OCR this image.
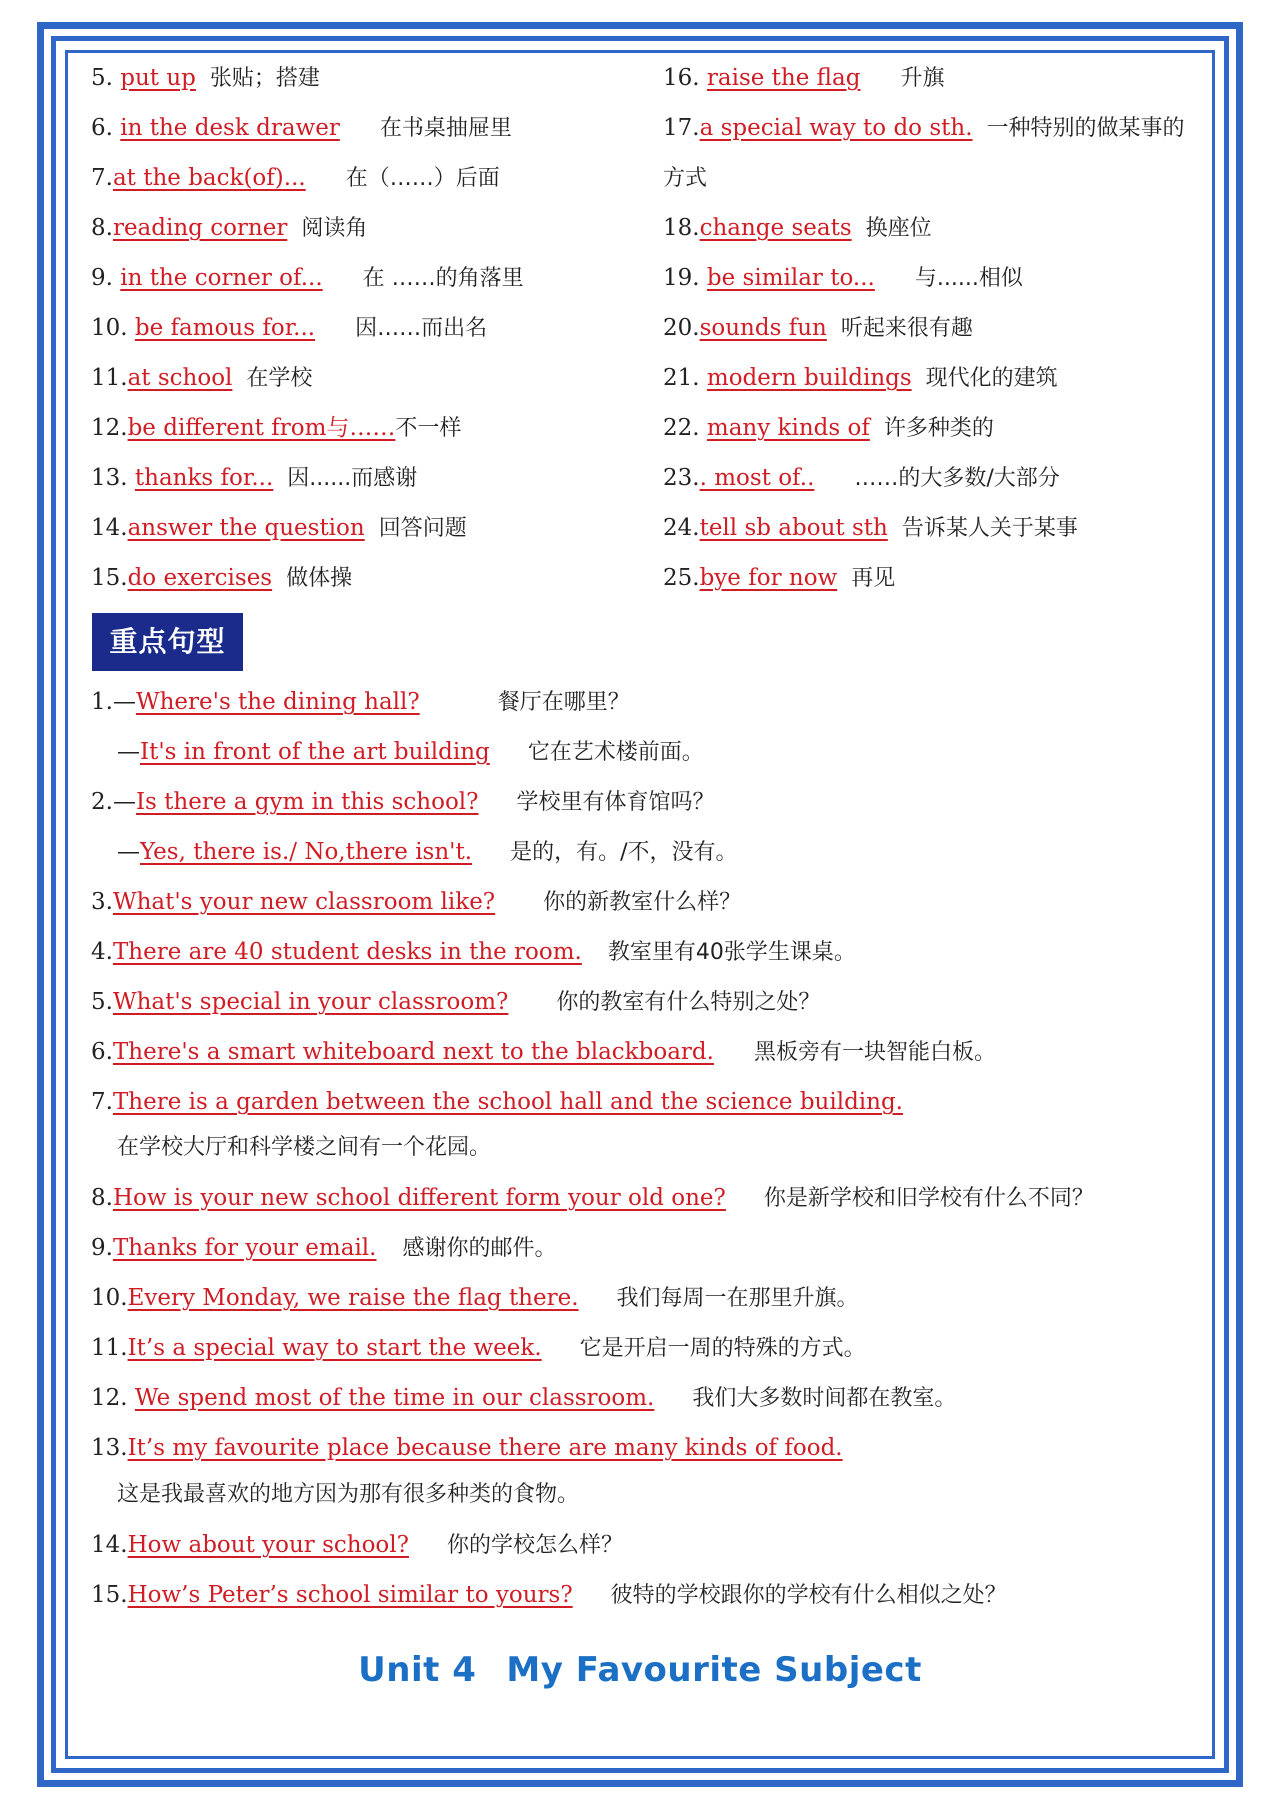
5. put up 张贴；搭建
6. in the desk drawer 在书桌抽屉里
7.at the back(of)... 在（……）后面
8.reading corner 阅读角
9. in the corner of... 在 ……的角落里
10. be famous for... 因……而出名
11.at school 在学校
12.be different from与……不一样
13. thanks for... 因......而感谢
14.answer the question 回答问题
15.do exercises 做体操
16. raise the flag 升旗
17.a special way to do sth. 一种特别的做某事的
方式
18.change seats 换座位
19. be similar to... 与......相似
20.sounds fun 听起来很有趣
21. modern buildings 现代化的建筑
22. many kinds of 许多种类的
23.. most of.. ……的大多数/大部分
24.tell sb about sth 告诉某人关于某事
25.bye for now 再见
重点句型
1.—Where's the dining hall?	餐厅在哪里？
—It's in front of the art building 它在艺术楼前面。
2.—Is there a gym in this school? 学校里有体育馆吗？
—Yes, there is./ No,there isn't. 是的，有。/不，没有。
3.What's your new classroom like? 你的新教室什么样？
4.There are 40 student desks in the room. 教室里有40张学生课桌。
5.What's special in your classroom? 你的教室有什么特别之处？
6.There's a smart whiteboard next to the blackboard. 黑板旁有一块智能白板。
7.There is a garden between the school hall and the science building.
在学校大厅和科学楼之间有一个花园。
8.How is your new school different form your old one? 你是新学校和旧学校有什么不同？
9.Thanks for your email. 感谢你的邮件。
10.Every Monday, we raise the flag there. 我们每周一在那里升旗。
11.It’s a special way to start the week. 它是开启一周的特殊的方式。
12. We spend most of the time in our classroom. 我们大多数时间都在教室。
13.It’s my favourite place because there are many kinds of food.
这是我最喜欢的地方因为那有很多种类的食物。
14.How about your school? 你的学校怎么样？
15.How’s Peter’s school similar to yours? 彼特的学校跟你的学校有什么相似之处？
Unit 4 My Favourite Subject
